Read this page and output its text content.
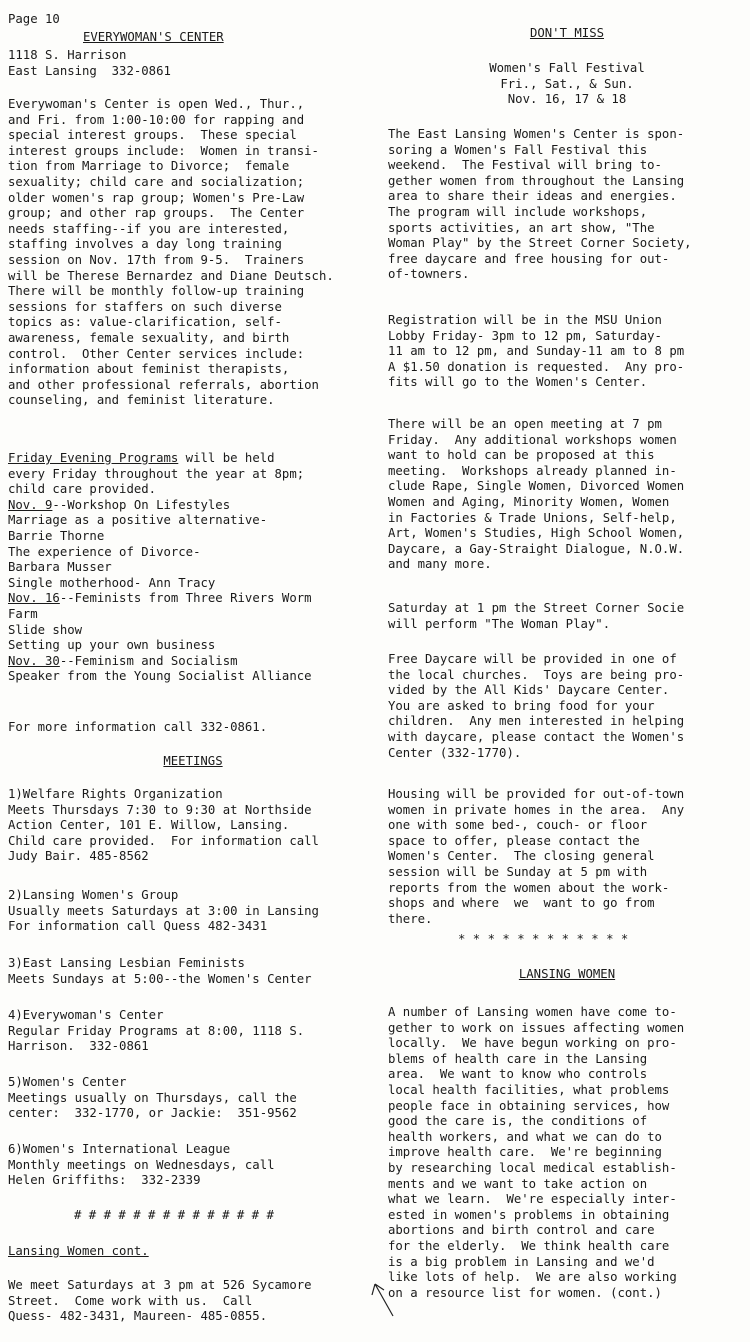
Page 10
EVERYWOMAN'S CENTER
1118 S. Harrison
East Lansing  332-0861
Everywoman's Center is open Wed., Thur.,
and Fri. from 1:00-10:00 for rapping and
special interest groups.  These special
interest groups include:  Women in transi-
tion from Marriage to Divorce;  female
sexuality; child care and socialization;
older women's rap group; Women's Pre-Law
group; and other rap groups.  The Center
needs staffing--if you are interested,
staffing involves a day long training
session on Nov. 17th from 9-5.  Trainers
will be Therese Bernardez and Diane Deutsch.
There will be monthly follow-up training
sessions for staffers on such diverse
topics as: value-clarification, self-
awareness, female sexuality, and birth
control.  Other Center services include:
information about feminist therapists,
and other professional referrals, abortion
counseling, and feminist literature.
Friday Evening Programs will be held
every Friday throughout the year at 8pm;
child care provided.
Nov. 9--Workshop On Lifestyles
Marriage as a positive alternative-
Barrie Thorne
The experience of Divorce-
Barbara Musser
Single motherhood- Ann Tracy
Nov. 16--Feminists from Three Rivers Worm
Farm
Slide show
Setting up your own business
Nov. 30--Feminism and Socialism
Speaker from the Young Socialist Alliance
For more information call 332-0861.
MEETINGS
1)Welfare Rights Organization
Meets Thursdays 7:30 to 9:30 at Northside
Action Center, 101 E. Willow, Lansing.
Child care provided.  For information call
Judy Bair. 485-8562
2)Lansing Women's Group
Usually meets Saturdays at 3:00 in Lansing
For information call Quess 482-3431
3)East Lansing Lesbian Feminists
Meets Sundays at 5:00--the Women's Center
4)Everywoman's Center
Regular Friday Programs at 8:00, 1118 S.
Harrison.  332-0861
5)Women's Center
Meetings usually on Thursdays, call the
center:  332-1770, or Jackie:  351-9562
6)Women's International League
Monthly meetings on Wednesdays, call
Helen Griffiths:  332-2339
# # # # # # # # # # # # # #
Lansing Women cont.
We meet Saturdays at 3 pm at 526 Sycamore
Street.  Come work with us.  Call
Quess- 482-3431, Maureen- 485-0855.
DON'T MISS
Women's Fall Festival
Fri., Sat., & Sun.
Nov. 16, 17 & 18
The East Lansing Women's Center is spon-
soring a Women's Fall Festival this
weekend.  The Festival will bring to-
gether women from throughout the Lansing
area to share their ideas and energies.
The program will include workshops,
sports activities, an art show, "The
Woman Play" by the Street Corner Society,
free daycare and free housing for out-
of-towners.
Registration will be in the MSU Union
Lobby Friday- 3pm to 12 pm, Saturday-
11 am to 12 pm, and Sunday-11 am to 8 pm
A $1.50 donation is requested.  Any pro-
fits will go to the Women's Center.
There will be an open meeting at 7 pm
Friday.  Any additional workshops women
want to hold can be proposed at this
meeting.  Workshops already planned in-
clude Rape, Single Women, Divorced Women
Women and Aging, Minority Women, Women
in Factories & Trade Unions, Self-help,
Art, Women's Studies, High School Women,
Daycare, a Gay-Straight Dialogue, N.O.W.
and many more.
Saturday at 1 pm the Street Corner Socie
will perform "The Woman Play".
Free Daycare will be provided in one of
the local churches.  Toys are being pro-
vided by the All Kids' Daycare Center.
You are asked to bring food for your
children.  Any men interested in helping
with daycare, please contact the Women's
Center (332-1770).
Housing will be provided for out-of-town
women in private homes in the area.  Any
one with some bed-, couch- or floor
space to offer, please contact the
Women's Center.  The closing general
session will be Sunday at 5 pm with
reports from the women about the work-
shops and where  we  want to go from
there.
* * * * * * * * * * * *
LANSING WOMEN
A number of Lansing women have come to-
gether to work on issues affecting women
locally.  We have begun working on pro-
blems of health care in the Lansing
area.  We want to know who controls
local health facilities, what problems
people face in obtaining services, how
good the care is, the conditions of
health workers, and what we can do to
improve health care.  We're beginning
by researching local medical establish-
ments and we want to take action on
what we learn.  We're especially inter-
ested in women's problems in obtaining
abortions and birth control and care
for the elderly.  We think health care
is a big problem in Lansing and we'd
like lots of help.  We are also working
on a resource list for women. (cont.)
